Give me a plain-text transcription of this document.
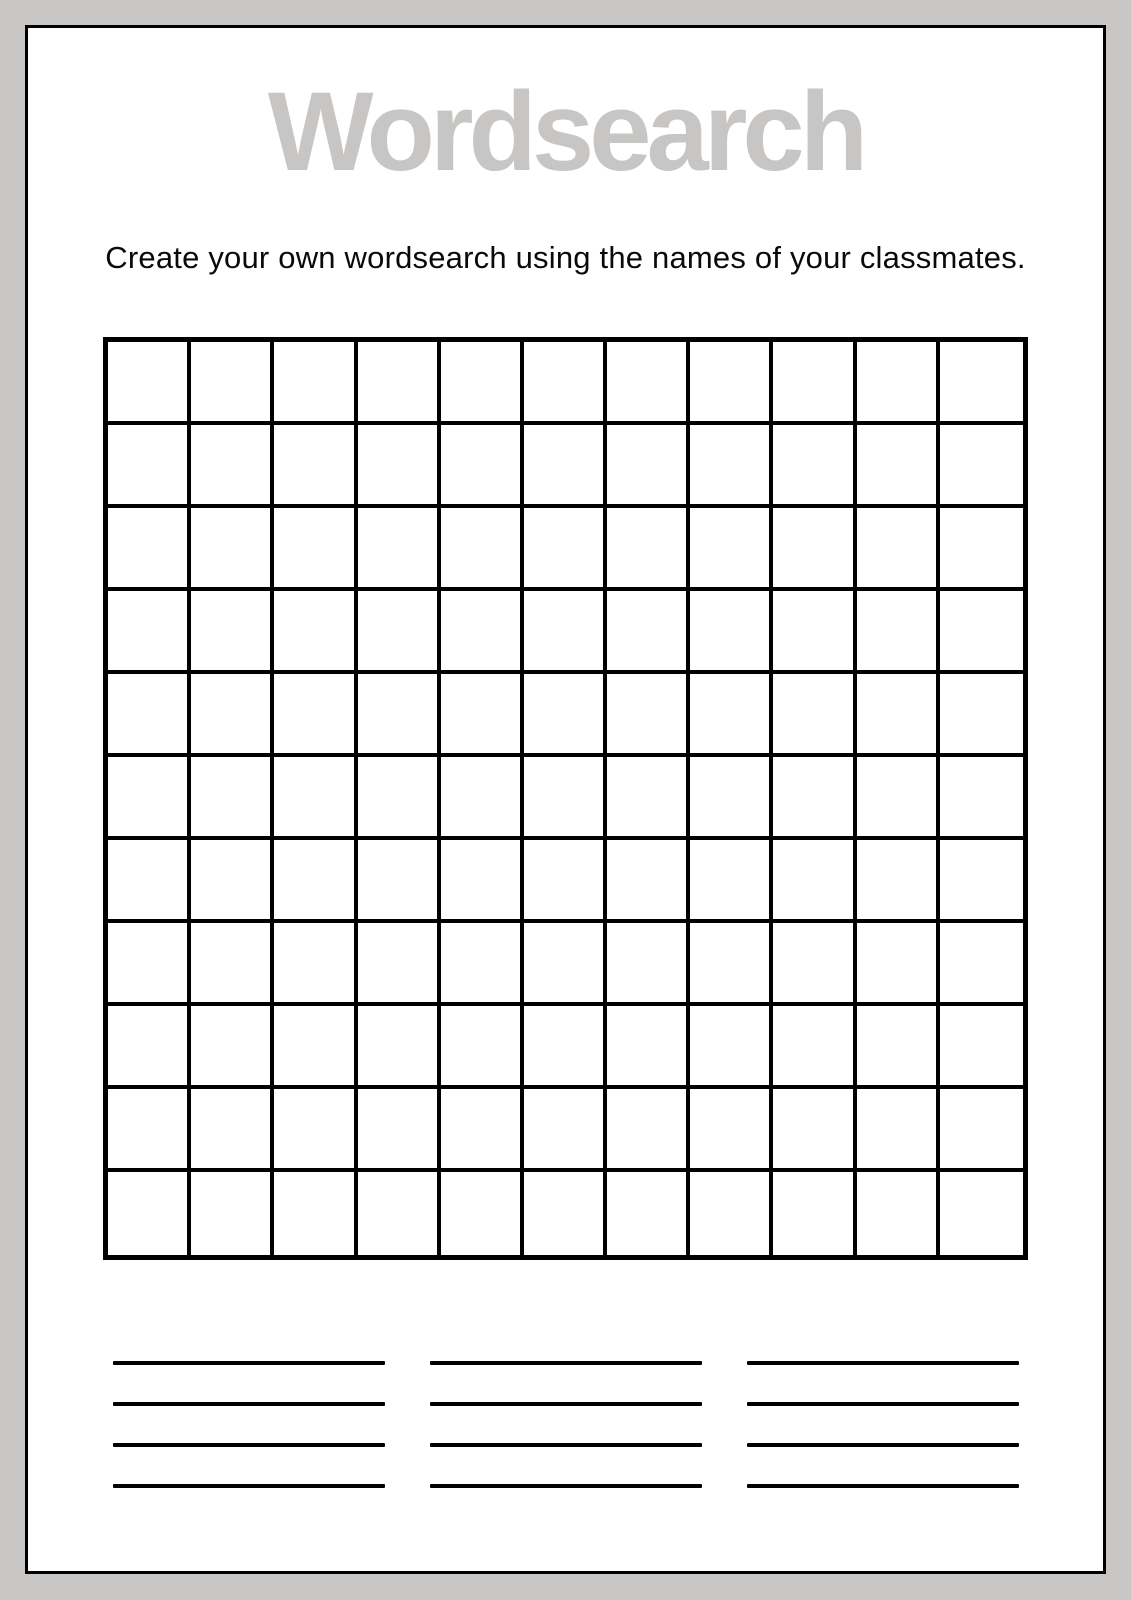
Wordsearch Wordsearch

Create your own wordsearch using the names of your classmates.
